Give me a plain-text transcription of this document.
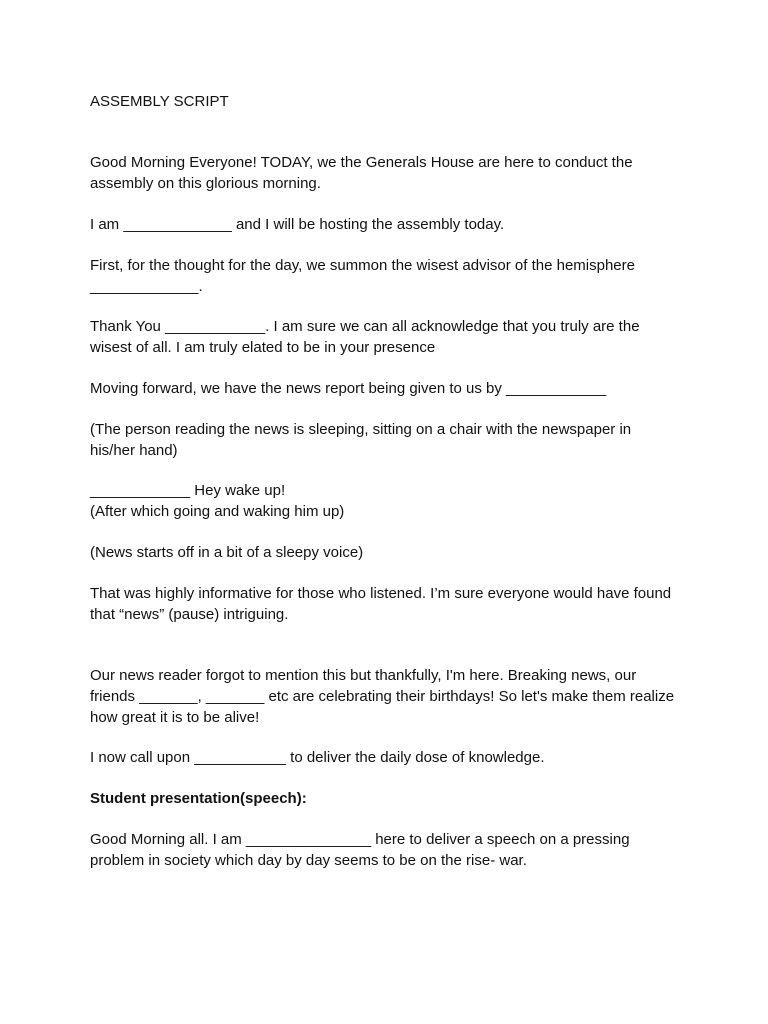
ASSEMBLY SCRIPT
Good Morning Everyone! TODAY, we the Generals House are here to conduct the
assembly on this glorious morning.
I am _____________ and I will be hosting the assembly today.
First, for the thought for the day, we summon the wisest advisor of the hemisphere
_____________.
Thank You ____________. I am sure we can all acknowledge that you truly are the
wisest of all. I am truly elated to be in your presence
Moving forward, we have the news report being given to us by ____________
(The person reading the news is sleeping, sitting on a chair with the newspaper in
his/her hand)
____________ Hey wake up!
(After which going and waking him up)
(News starts off in a bit of a sleepy voice)
That was highly informative for those who listened. I’m sure everyone would have found
that “news” (pause) intriguing.
Our news reader forgot to mention this but thankfully, I'm here. Breaking news, our
friends _______, _______ etc are celebrating their birthdays! So let's make them realize
how great it is to be alive!
I now call upon ___________ to deliver the daily dose of knowledge.
Student presentation(speech):
Good Morning all. I am _______________ here to deliver a speech on a pressing
problem in society which day by day seems to be on the rise- war.
